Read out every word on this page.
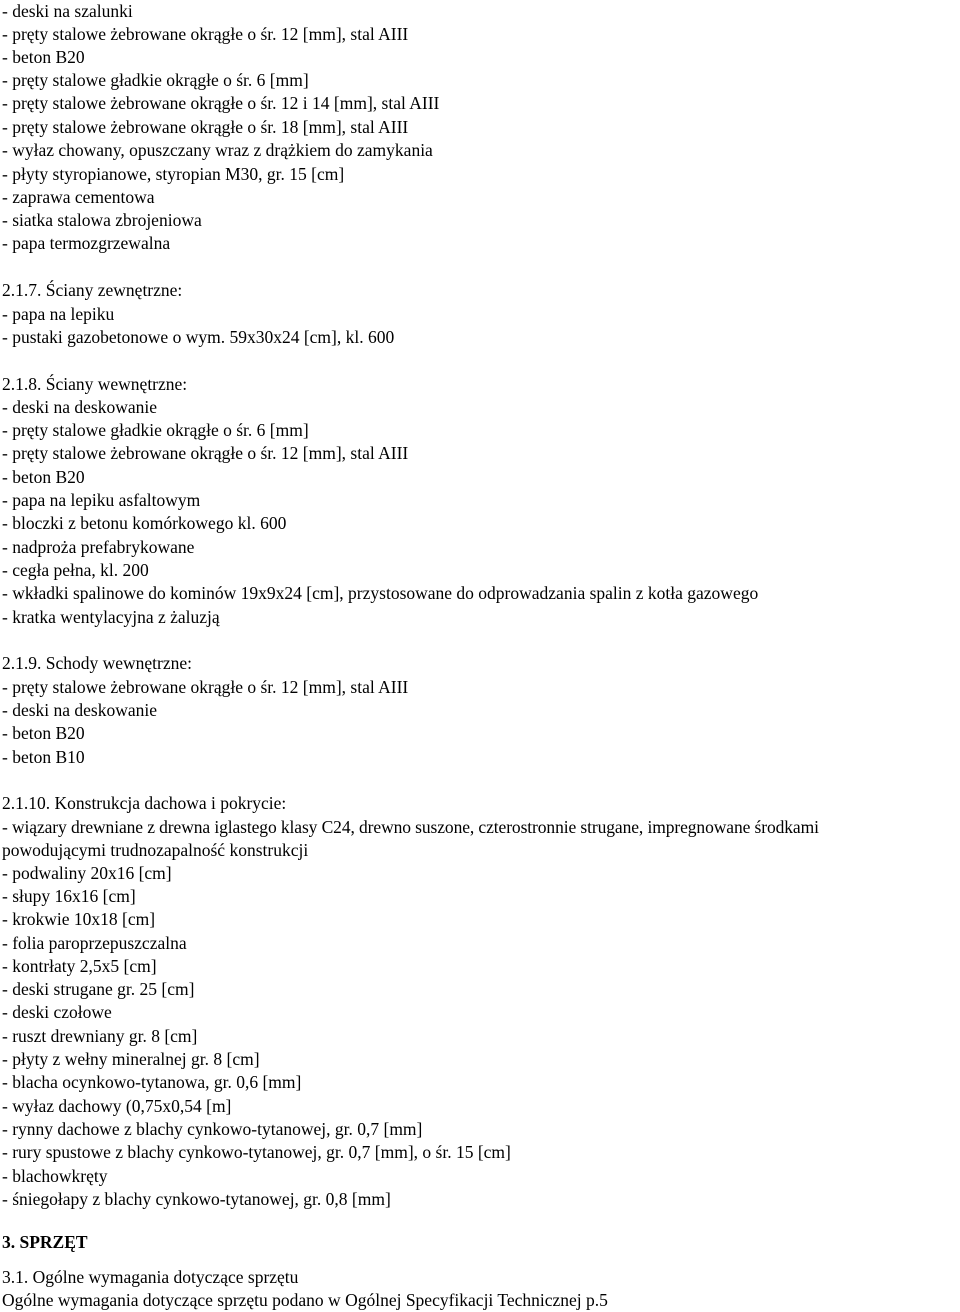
- deski na szalunki
- pręty stalowe żebrowane okrągłe o śr. 12 [mm], stal AIII
- beton B20
- pręty stalowe gładkie okrągłe o śr. 6 [mm]
- pręty stalowe żebrowane okrągłe o śr. 12 i 14 [mm], stal AIII
- pręty stalowe żebrowane okrągłe o śr. 18 [mm], stal AIII
- wyłaz chowany, opuszczany wraz z drążkiem do zamykania
- płyty styropianowe, styropian M30, gr. 15 [cm]
- zaprawa cementowa
- siatka stalowa zbrojeniowa
- papa termozgrzewalna
2.1.7. Ściany zewnętrzne:
- papa na lepiku
- pustaki gazobetonowe o wym. 59x30x24 [cm], kl. 600
2.1.8. Ściany wewnętrzne:
- deski na deskowanie
- pręty stalowe gładkie okrągłe o śr. 6 [mm]
- pręty stalowe żebrowane okrągłe o śr. 12 [mm], stal AIII
- beton B20
- papa na lepiku asfaltowym
- bloczki z betonu komórkowego kl. 600
- nadproża prefabrykowane
- cegła pełna, kl. 200
- wkładki spalinowe do kominów 19x9x24 [cm], przystosowane do odprowadzania spalin z kotła gazowego
- kratka wentylacyjna z żaluzją
2.1.9. Schody wewnętrzne:
- pręty stalowe żebrowane okrągłe o śr. 12 [mm], stal AIII
- deski na deskowanie
- beton B20
- beton B10
2.1.10. Konstrukcja dachowa i pokrycie:
- wiązary drewniane z drewna iglastego klasy C24, drewno suszone, czterostronnie strugane, impregnowane środkami
powodującymi trudnozapalność konstrukcji
- podwaliny 20x16 [cm]
- słupy 16x16 [cm]
- krokwie 10x18 [cm]
- folia paroprzepuszczalna
- kontrłaty 2,5x5 [cm]
- deski strugane gr. 25 [cm]
- deski czołowe
- ruszt drewniany gr. 8 [cm]
- płyty z wełny mineralnej gr. 8 [cm]
- blacha ocynkowo-tytanowa, gr. 0,6 [mm]
- wyłaz dachowy (0,75x0,54 [m]
- rynny dachowe z blachy cynkowo-tytanowej, gr. 0,7 [mm]
- rury spustowe z blachy cynkowo-tytanowej, gr. 0,7 [mm], o śr. 15 [cm]
- blachowkręty
- śniegołapy z blachy cynkowo-tytanowej, gr. 0,8 [mm]
3. SPRZĘT
3.1. Ogólne wymagania dotyczące sprzętu
Ogólne wymagania dotyczące sprzętu podano w Ogólnej Specyfikacji Technicznej p.5
